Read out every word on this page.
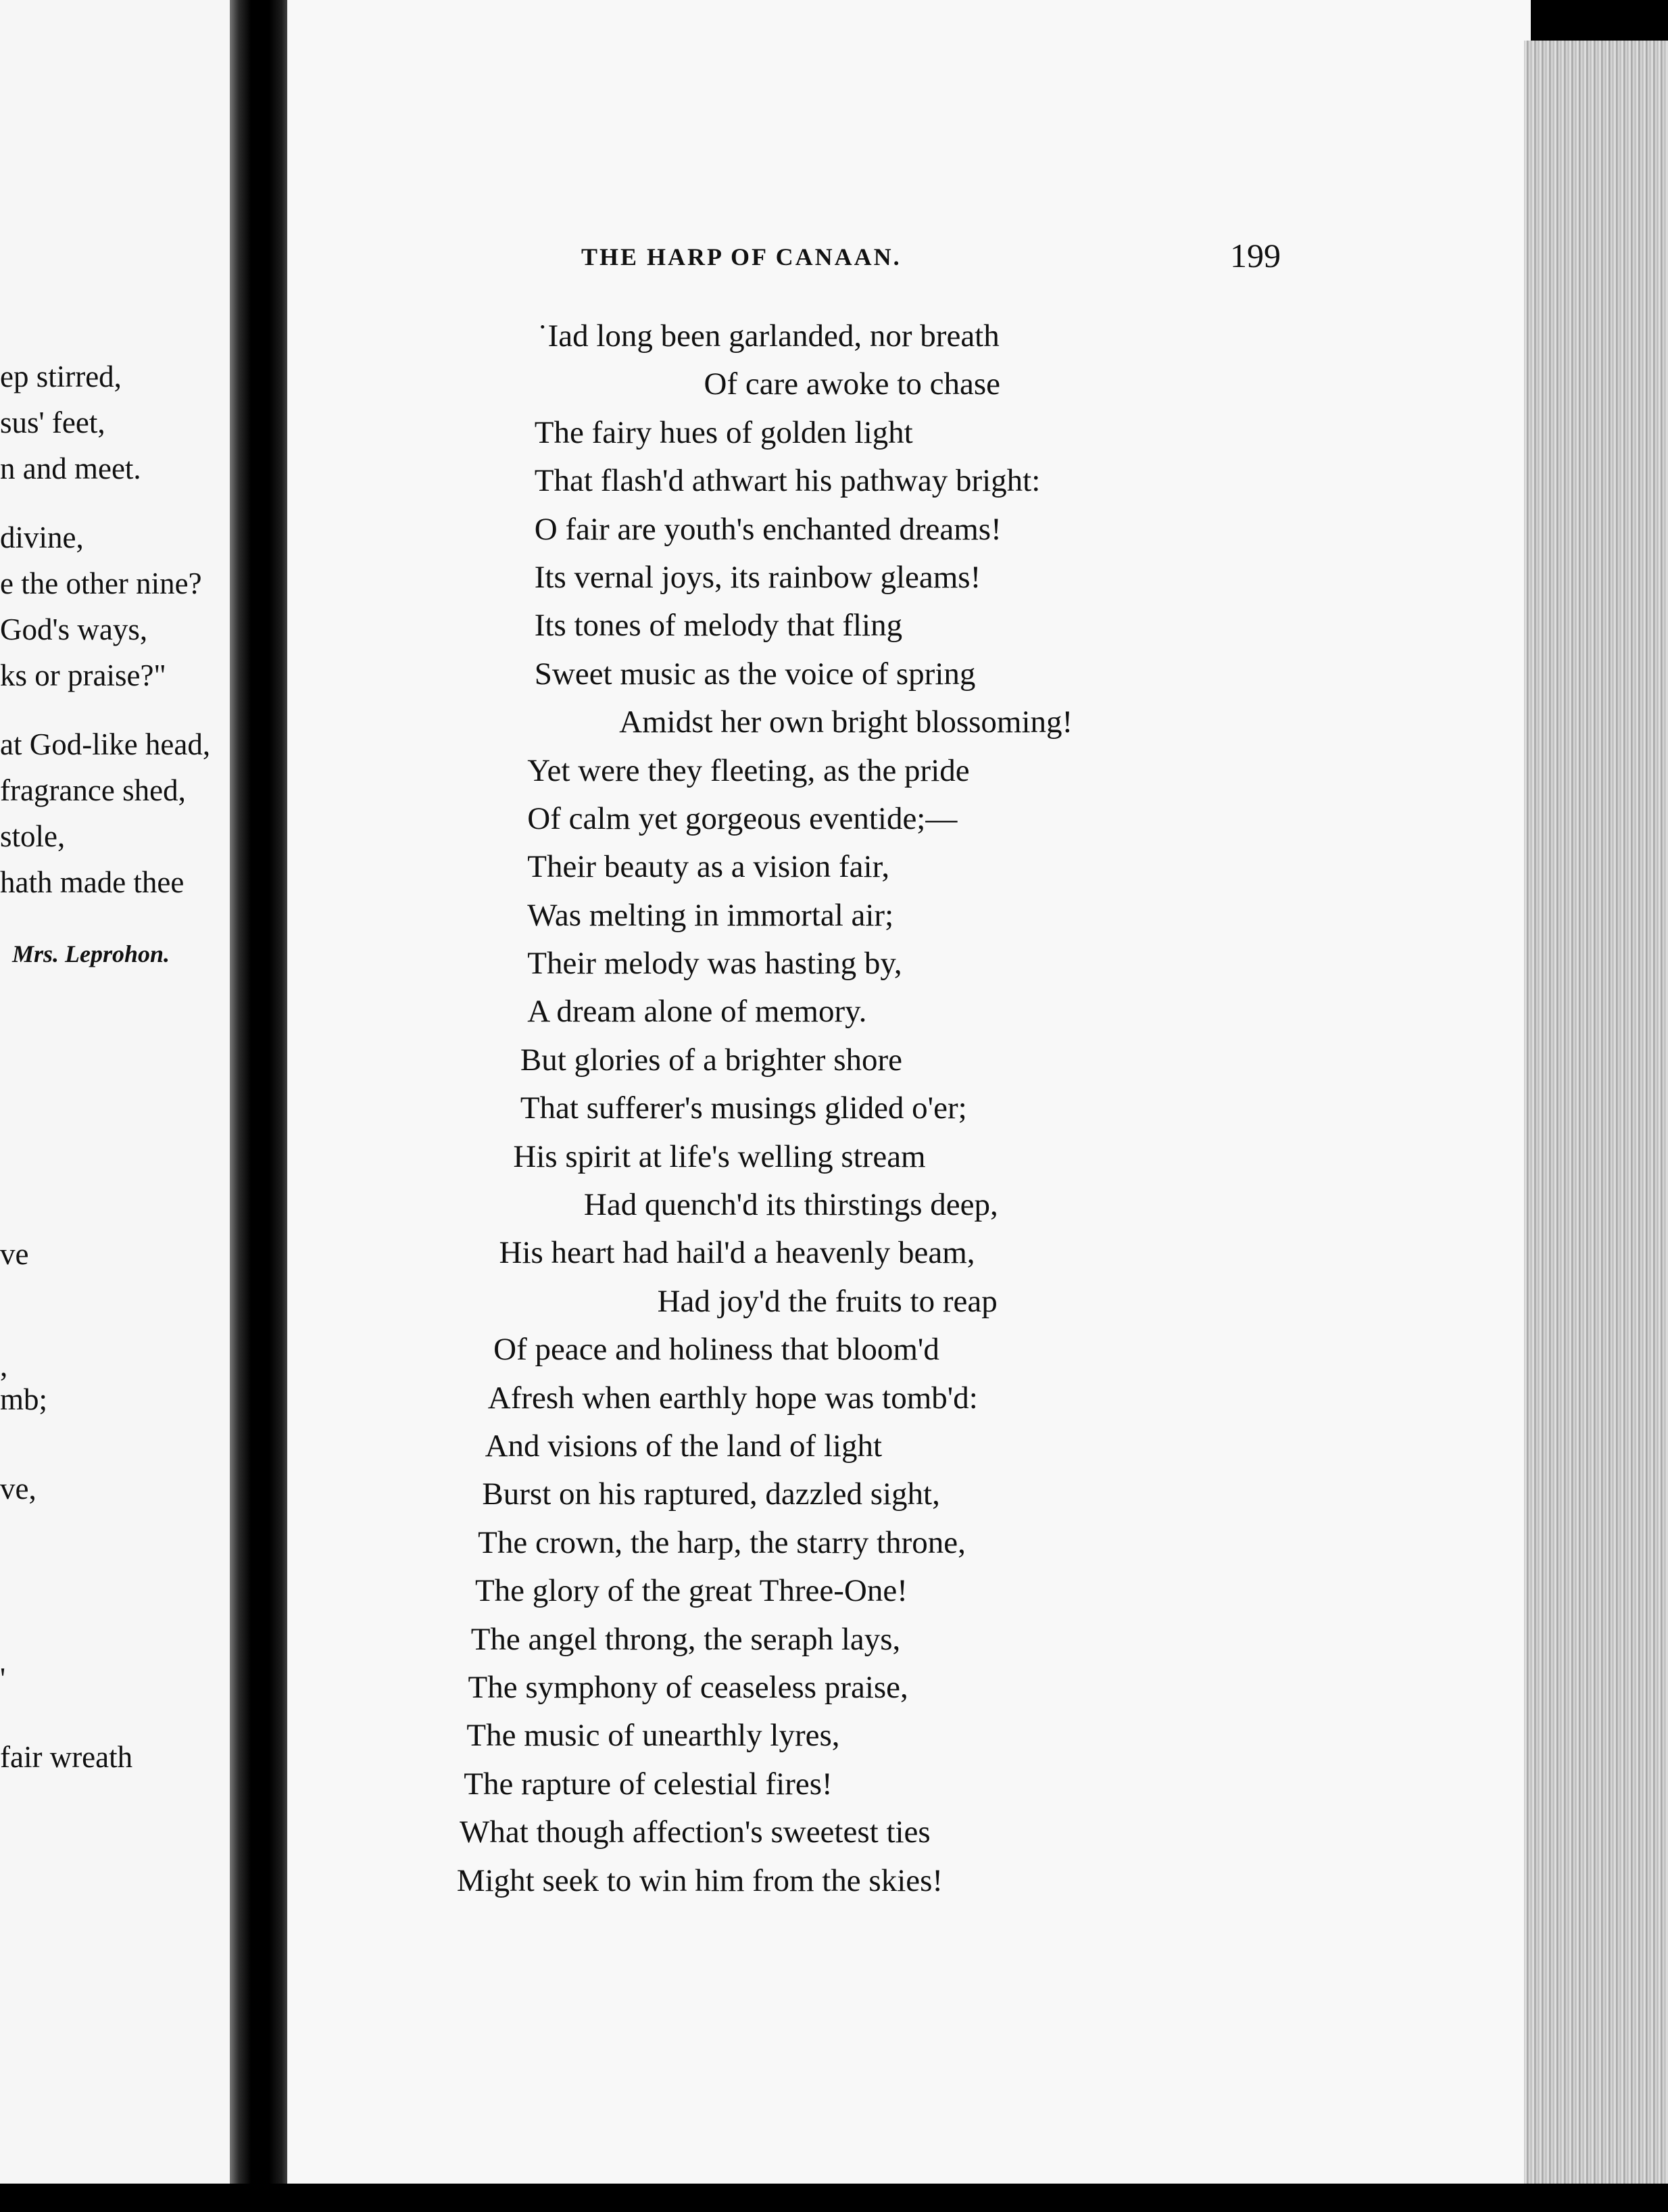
ep stirred,
sus' feet,
n and meet.
divine,
e the other nine?
God's ways,
ks or praise?"
at God-like head,
fragrance shed,
stole,
hath made thee
Mrs. Leprohon.
ve
,
mb;
ve,
'
fair wreath
THE HARP OF CANAAN.	199
˙Iad long been garlanded, nor breath
Of care awoke to chase
The fairy hues of golden light
That flash'd athwart his pathway bright:
O fair are youth's enchanted dreams!
Its vernal joys, its rainbow gleams!
Its tones of melody that fling
Sweet music as the voice of spring
Amidst her own bright blossoming!
Yet were they fleeting, as the pride
Of calm yet gorgeous eventide;—
Their beauty as a vision fair,
Was melting in immortal air;
Their melody was hasting by,
A dream alone of memory.
But glories of a brighter shore
That sufferer's musings glided o'er;
His spirit at life's welling stream
Had quench'd its thirstings deep,
His heart had hail'd a heavenly beam,
Had joy'd the fruits to reap
Of peace and holiness that bloom'd
Afresh when earthly hope was tomb'd:
And visions of the land of light
Burst on his raptured, dazzled sight,
The crown, the harp, the starry throne,
The glory of the great Three-One!
The angel throng, the seraph lays,
The symphony of ceaseless praise,
The music of unearthly lyres,
The rapture of celestial fires!
What though affection's sweetest ties
Might seek to win him from the skies!
